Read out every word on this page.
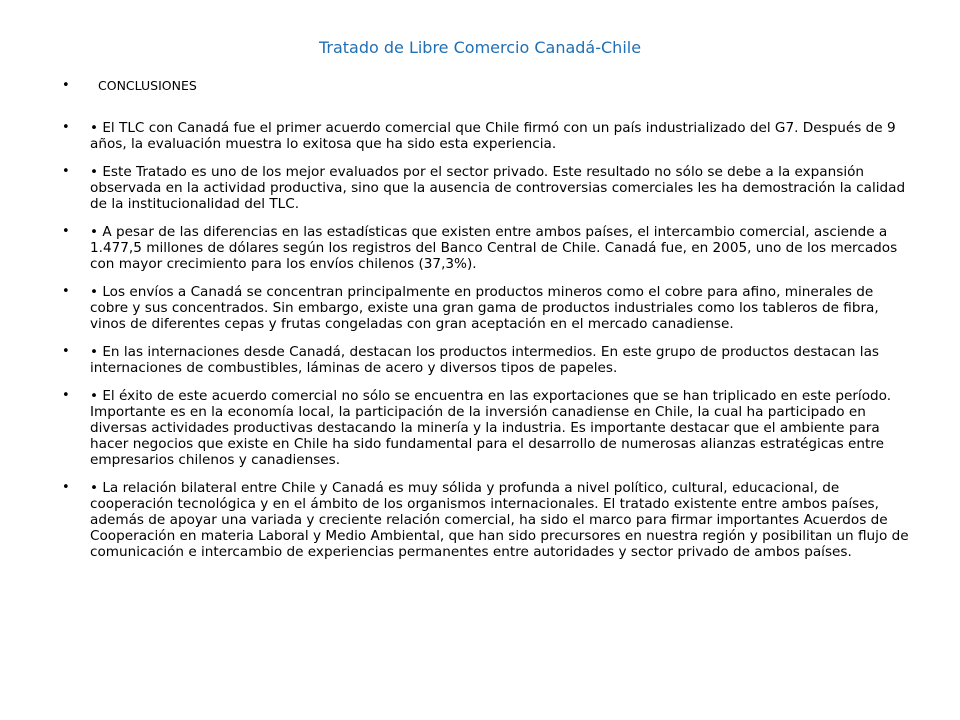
Tratado de Libre Comercio Canadá-Chile
• CONCLUSIONES
• • El TLC con Canadá fue el primer acuerdo comercial que Chile firmó con un país industrializado del G7. Después de 9 años, la evaluación muestra lo exitosa que ha sido esta experiencia.
• • Este Tratado es uno de los mejor evaluados por el sector privado. Este resultado no sólo se debe a la expansión observada en la actividad productiva, sino que la ausencia de controversias comerciales les ha demostración la calidad de la institucionalidad del TLC.
• • A pesar de las diferencias en las estadísticas que existen entre ambos países, el intercambio comercial, asciende a 1.477,5 millones de dólares según los registros del Banco Central de Chile. Canadá fue, en 2005, uno de los mercados con mayor crecimiento para los envíos chilenos (37,3%).
• • Los envíos a Canadá se concentran principalmente en productos mineros como el cobre para afino, minerales de cobre y sus concentrados. Sin embargo, existe una gran gama de productos industriales como los tableros de fibra, vinos de diferentes cepas y frutas congeladas con gran aceptación en el mercado canadiense.
• • En las internaciones desde Canadá, destacan los productos intermedios. En este grupo de productos destacan las internaciones de combustibles, láminas de acero y diversos tipos de papeles.
• • El éxito de este acuerdo comercial no sólo se encuentra en las exportaciones que se han triplicado en este período. Importante es en la economía local, la participación de la inversión canadiense en Chile, la cual ha participado en diversas actividades productivas destacando la minería y la industria. Es importante destacar que el ambiente para hacer negocios que existe en Chile ha sido fundamental para el desarrollo de numerosas alianzas estratégicas entre empresarios chilenos y canadienses.
• • La relación bilateral entre Chile y Canadá es muy sólida y profunda a nivel político, cultural, educacional, de cooperación tecnológica y en el ámbito de los organismos internacionales. El tratado existente entre ambos países, además de apoyar una variada y creciente relación comercial, ha sido el marco para firmar importantes Acuerdos de Cooperación en materia Laboral y Medio Ambiental, que han sido precursores en nuestra región y posibilitan un flujo de comunicación e intercambio de experiencias permanentes entre autoridades y sector privado de ambos países.
